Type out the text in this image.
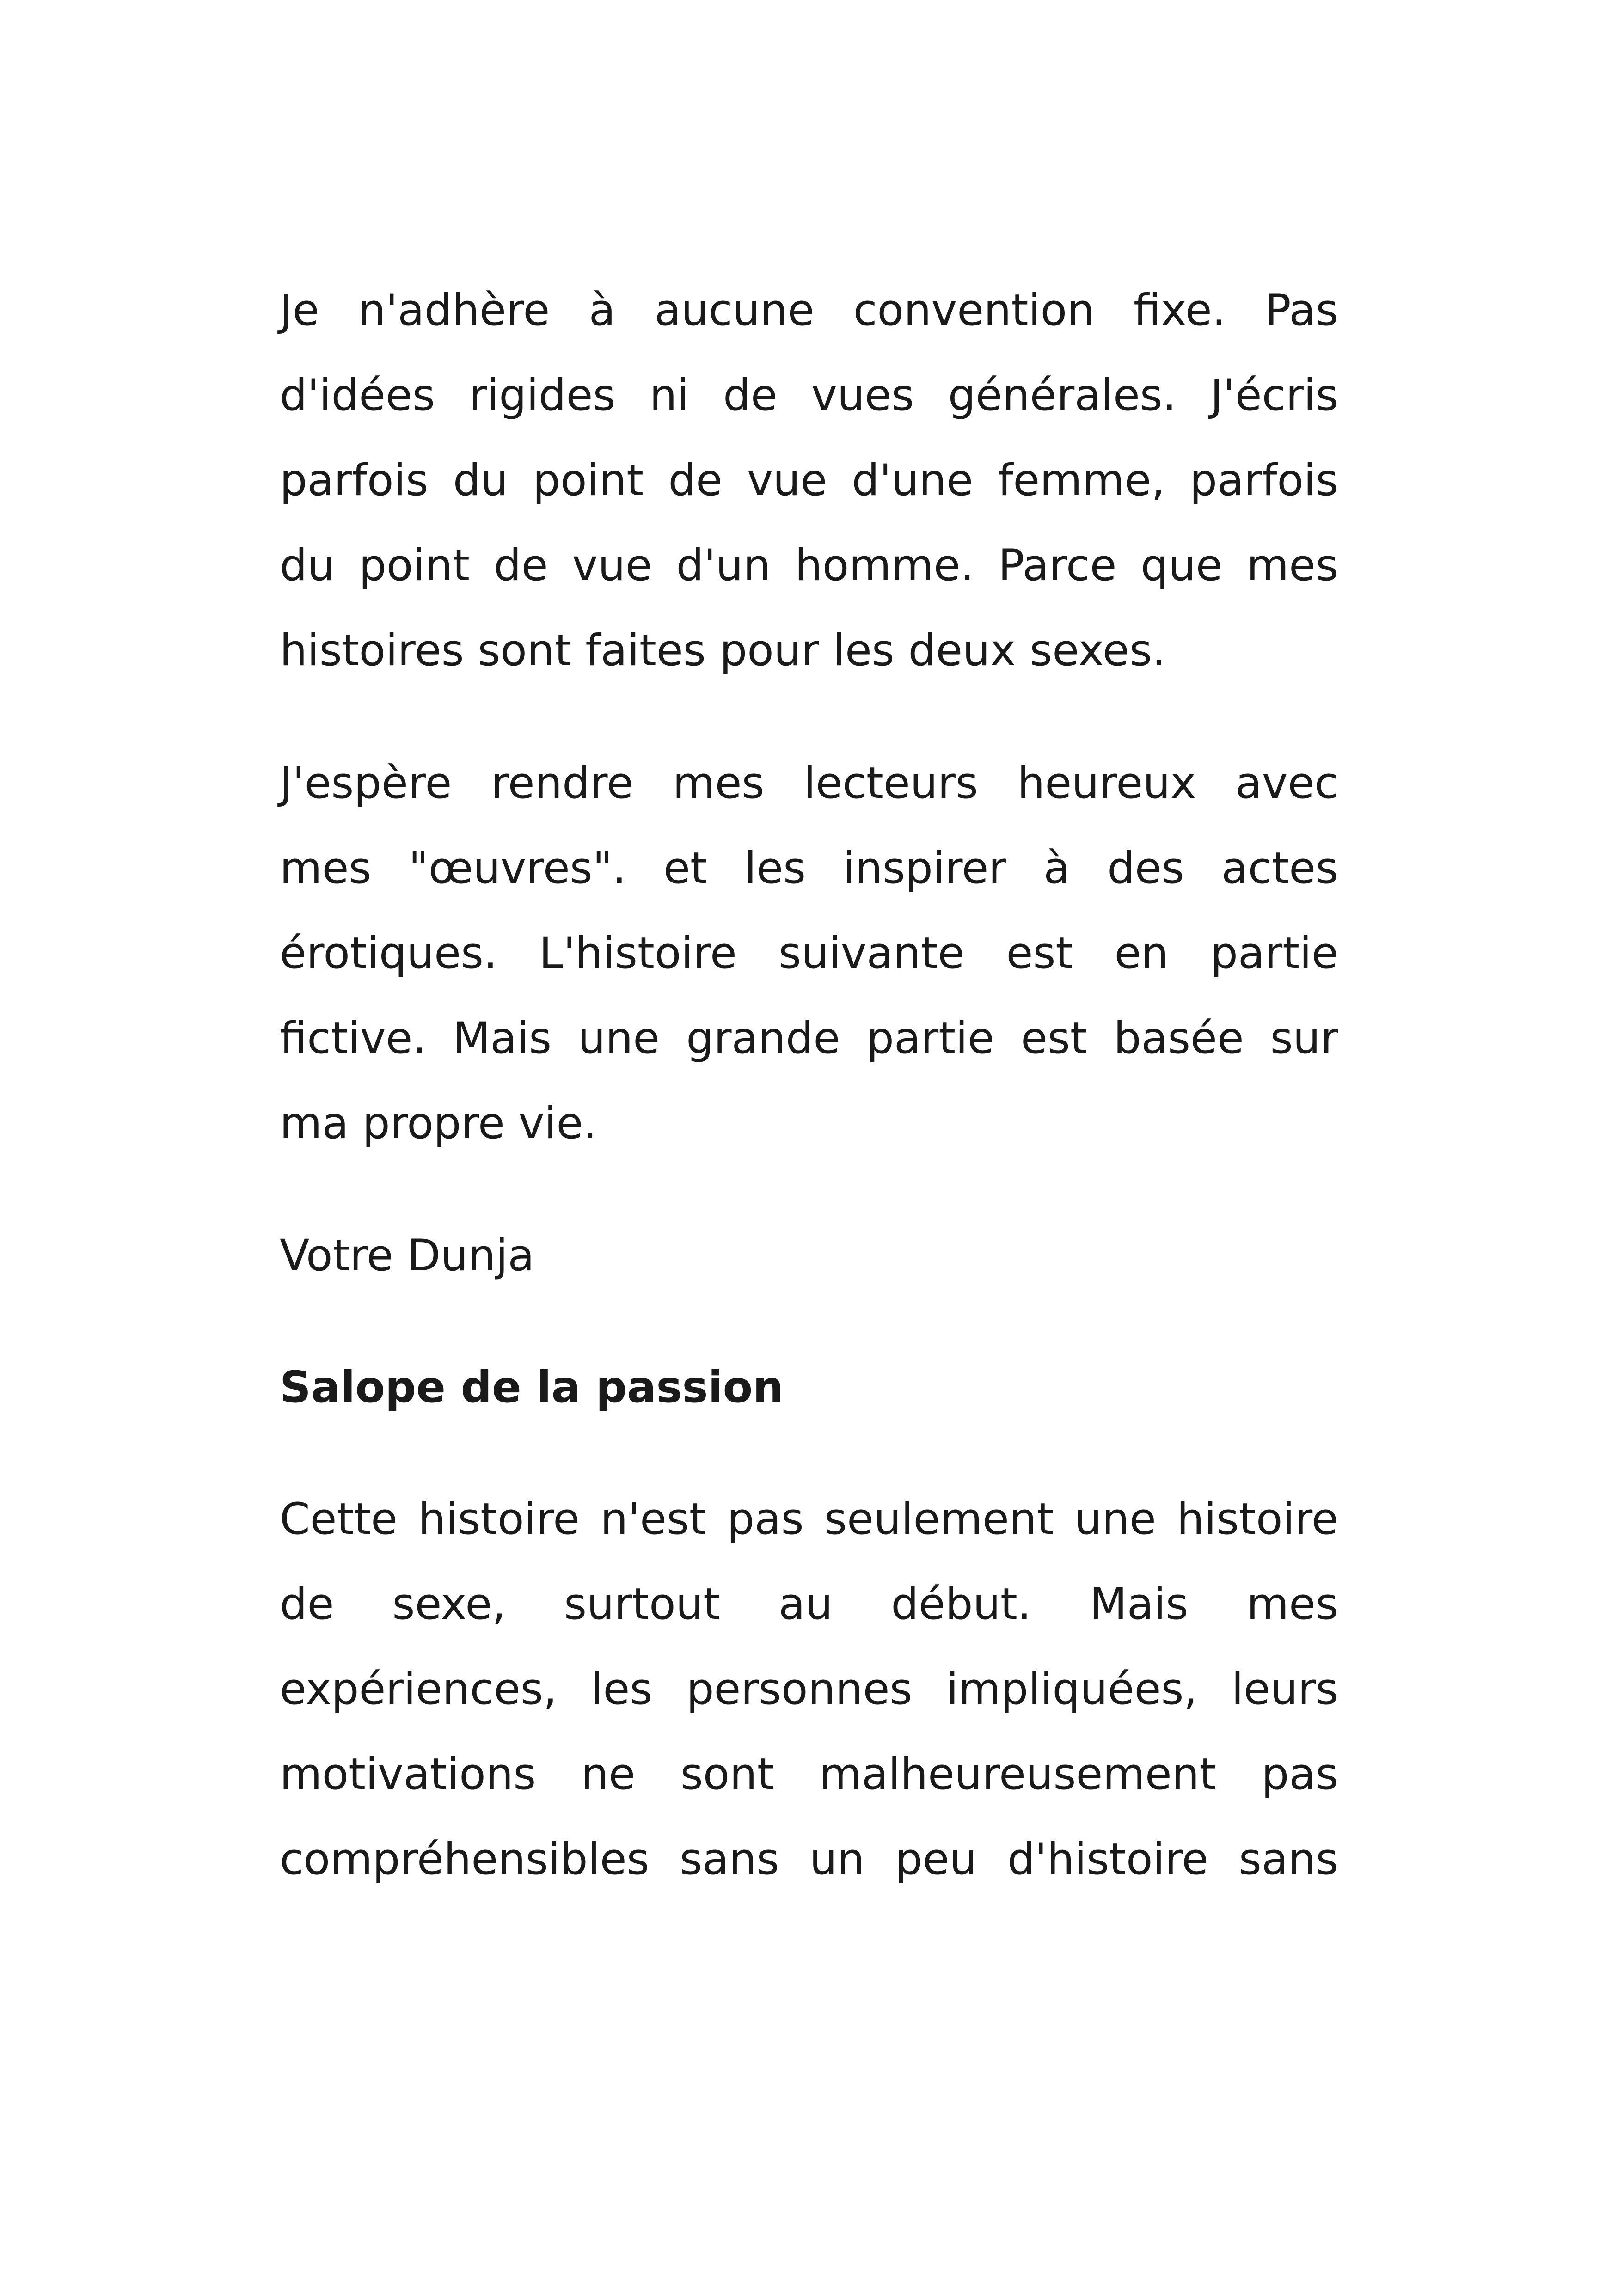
Je n'adhère à aucune convention fixe. Pas
d'idées rigides ni de vues générales. J'écris
parfois du point de vue d'une femme, parfois
du point de vue d'un homme. Parce que mes
histoires sont faites pour les deux sexes.
J'espère rendre mes lecteurs heureux avec
mes "œuvres". et les inspirer à des actes
érotiques. L'histoire suivante est en partie
fictive. Mais une grande partie est basée sur
ma propre vie.
Votre Dunja
Salope de la passion
Cette histoire n'est pas seulement une histoire
de sexe, surtout au début. Mais mes
expériences, les personnes impliquées, leurs
motivations ne sont malheureusement pas
compréhensibles sans un peu d'histoire sans
